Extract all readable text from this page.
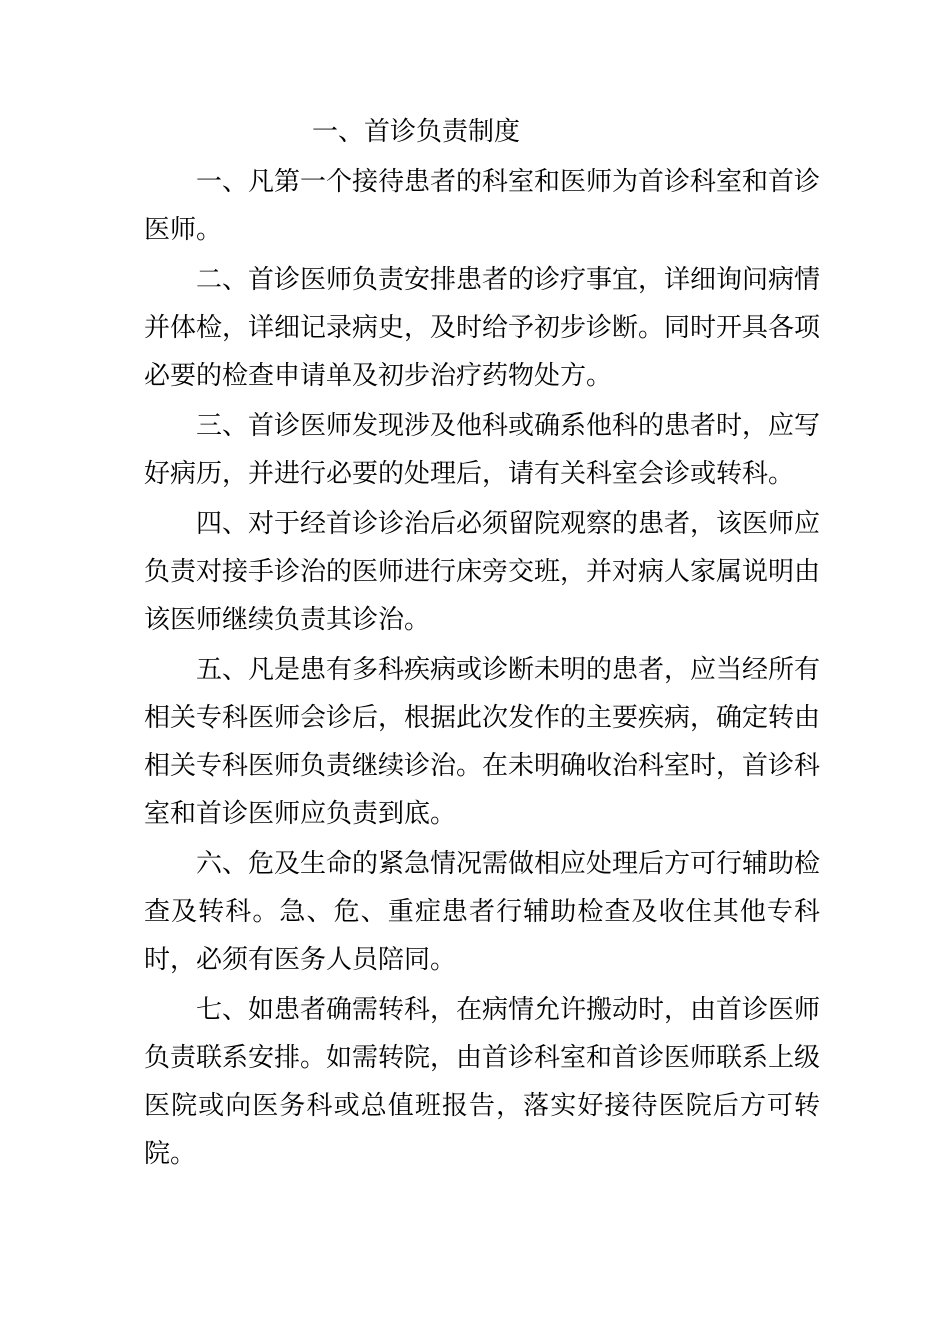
一、首诊负责制度

一、凡第一个接待患者的科室和医师为首诊科室和首诊医师。

二、首诊医师负责安排患者的诊疗事宜，详细询问病情并体检，详细记录病史，及时给予初步诊断。同时开具各项必要的检查申请单及初步治疗药物处方。

三、首诊医师发现涉及他科或确系他科的患者时，应写好病历，并进行必要的处理后，请有关科室会诊或转科。

四、对于经首诊诊治后必须留院观察的患者，该医师应负责对接手诊治的医师进行床旁交班，并对病人家属说明由该医师继续负责其诊治。

五、凡是患有多科疾病或诊断未明的患者，应当经所有相关专科医师会诊后，根据此次发作的主要疾病，确定转由相关专科医师负责继续诊治。在未明确收治科室时，首诊科室和首诊医师应负责到底。

六、危及生命的紧急情况需做相应处理后方可行辅助检查及转科。急、危、重症患者行辅助检查及收住其他专科时，必须有医务人员陪同。

七、如患者确需转科，在病情允许搬动时，由首诊医师负责联系安排。如需转院，由首诊科室和首诊医师联系上级医院或向医务科或总值班报告，落实好接待医院后方可转院。
